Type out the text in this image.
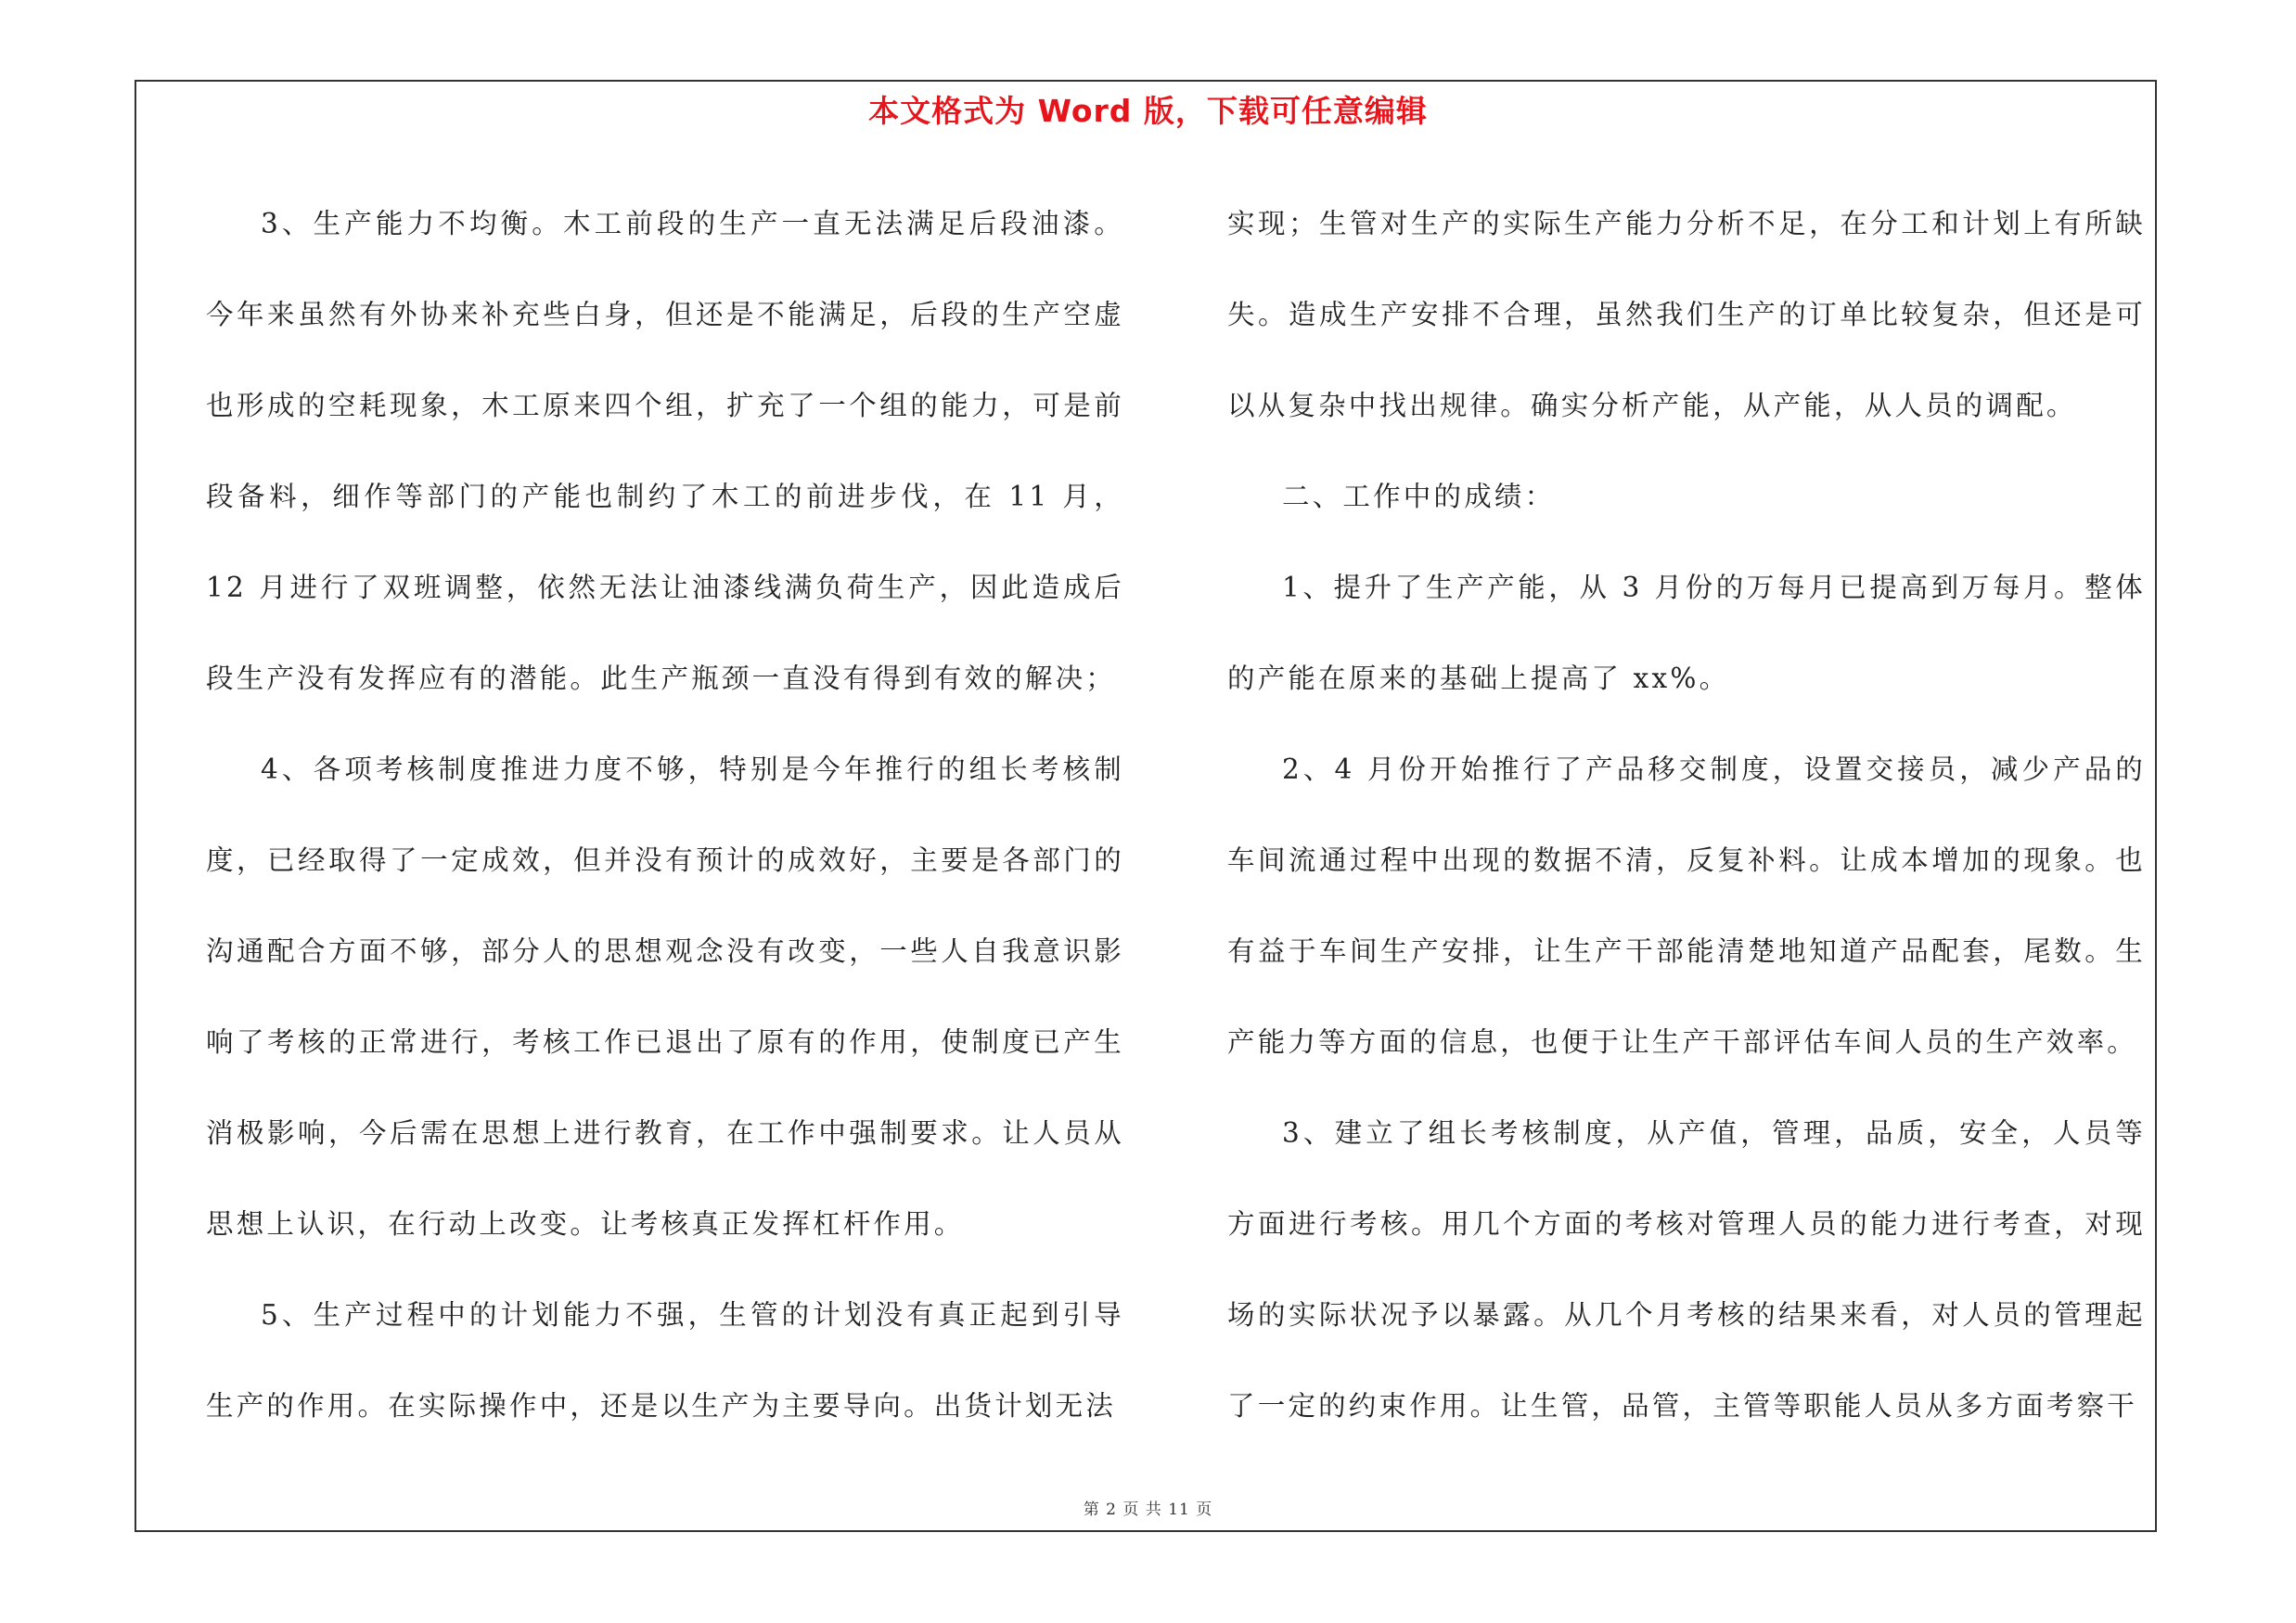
本文格式为 Word 版，下载可任意编辑

3、生产能力不均衡。木工前段的生产一直无法满足后段油漆。今年来虽然有外协来补充些白身，但还是不能满足，后段的生产空虚也形成的空耗现象，木工原来四个组，扩充了一个组的能力，可是前段备料，细作等部门的产能也制约了木工的前进步伐，在 11 月，12 月进行了双班调整，依然无法让油漆线满负荷生产，因此造成后段生产没有发挥应有的潜能。此生产瓶颈一直没有得到有效的解决；

4、各项考核制度推进力度不够，特别是今年推行的组长考核制度，已经取得了一定成效，但并没有预计的成效好，主要是各部门的沟通配合方面不够，部分人的思想观念没有改变，一些人自我意识影响了考核的正常进行，考核工作已退出了原有的作用，使制度已产生消极影响，今后需在思想上进行教育，在工作中强制要求。让人员从思想上认识，在行动上改变。让考核真正发挥杠杆作用。

5、生产过程中的计划能力不强，生管的计划没有真正起到引导生产的作用。在实际操作中，还是以生产为主要导向。出货计划无法

实现；生管对生产的实际生产能力分析不足，在分工和计划上有所缺失。造成生产安排不合理，虽然我们生产的订单比较复杂，但还是可以从复杂中找出规律。确实分析产能，从产能，从人员的调配。

二、工作中的成绩：

1、提升了生产产能，从 3 月份的万每月已提高到万每月。整体的产能在原来的基础上提高了 xx%。

2、4 月份开始推行了产品移交制度，设置交接员，减少产品的车间流通过程中出现的数据不清，反复补料。让成本增加的现象。也有益于车间生产安排，让生产干部能清楚地知道产品配套，尾数。生产能力等方面的信息，也便于让生产干部评估车间人员的生产效率。

3、建立了组长考核制度，从产值，管理，品质，安全，人员等方面进行考核。用几个方面的考核对管理人员的能力进行考查，对现场的实际状况予以暴露。从几个月考核的结果来看，对人员的管理起了一定的约束作用。让生管，品管，主管等职能人员从多方面考察干

第 2 页 共 11 页
